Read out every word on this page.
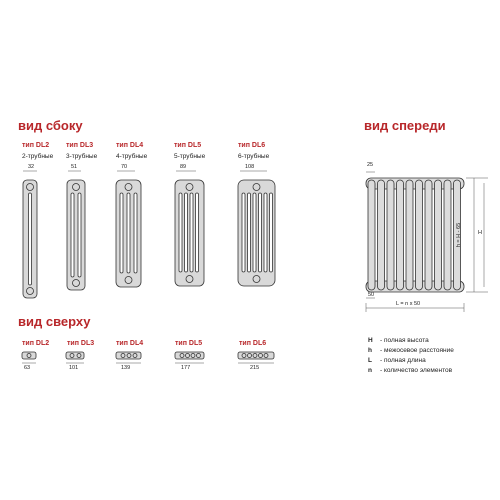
вид сбоку
вид сверху
вид спереди
тип DL2
2-трубные
тип DL3
3-трубные
тип DL4
4-трубные
тип DL5
5-трубные
тип DL6
6-трубные
32	51	70	89	108
тип DL2	тип DL3	тип DL4	тип DL5	тип DL6
63	101	139	177	215
25
50
L = n x 50
h = H - 65	H
H - полная высота
h - межосевое расстояние
L - полная длина
n - количество элементов
